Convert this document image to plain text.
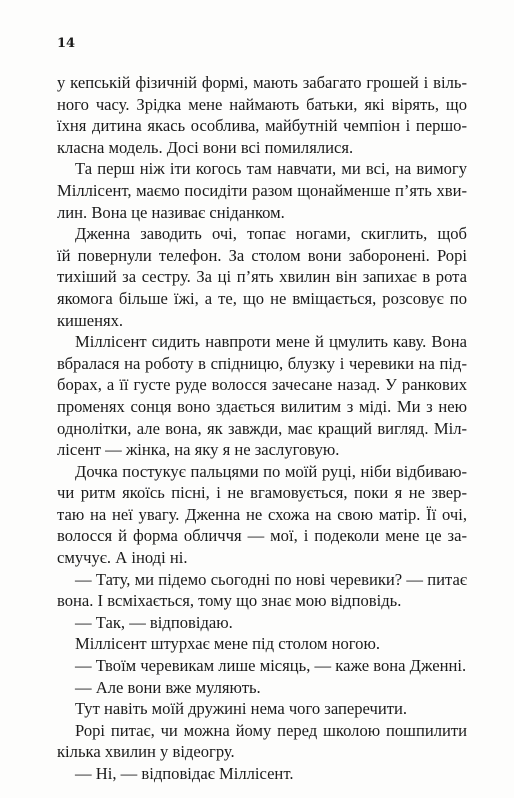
14
у кепській фізичній формі, мають забагато грошей і віль-
ного часу. Зрідка мене наймають батьки, які вірять, що
їхня дитина якась особлива, майбутній чемпіон і першо-
класна модель. Досі вони всі помилялися.
Та перш ніж іти когось там навчати, ми всі, на вимогу
Міллісент, маємо посидіти разом щонайменше п’ять хви-
лин. Вона це називає сніданком.
Дженна заводить очі, топає ногами, скиглить, щоб
їй повернули телефон. За столом вони заборонені. Рорі
тихіший за сестру. За ці п’ять хвилин він запихає в рота
якомога більше їжі, а те, що не вміщається, розсовує по
кишенях.
Міллісент сидить навпроти мене й цмулить каву. Вона
вбралася на роботу в спідницю, блузку і черевики на під-
борах, а її густе руде волосся зачесане назад. У ранкових
променях сонця воно здається вилитим з міді. Ми з нею
однолітки, але вона, як завжди, має кращий вигляд. Міл-
лісент — жінка, на яку я не заслуговую.
Дочка постукує пальцями по моїй руці, ніби відбиваю-
чи ритм якоїсь пісні, і не вгамовується, поки я не звер-
таю на неї увагу. Дженна не схожа на свою матір. Її очі,
волосся й форма обличчя — мої, і подеколи мене це за-
смучує. А іноді ні.
— Тату, ми підемо сьогодні по нові черевики? — питає
вона. І всміхається, тому що знає мою відповідь.
— Так, — відповідаю.
Міллісент штурхає мене під столом ногою.
— Твоїм черевикам лише місяць, — каже вона Дженні.
— Але вони вже муляють.
Тут навіть моїй дружині нема чого заперечити.
Рорі питає, чи можна йому перед школою пошпилити
кілька хвилин у відеогру.
— Ні, — відповідає Міллісент.
